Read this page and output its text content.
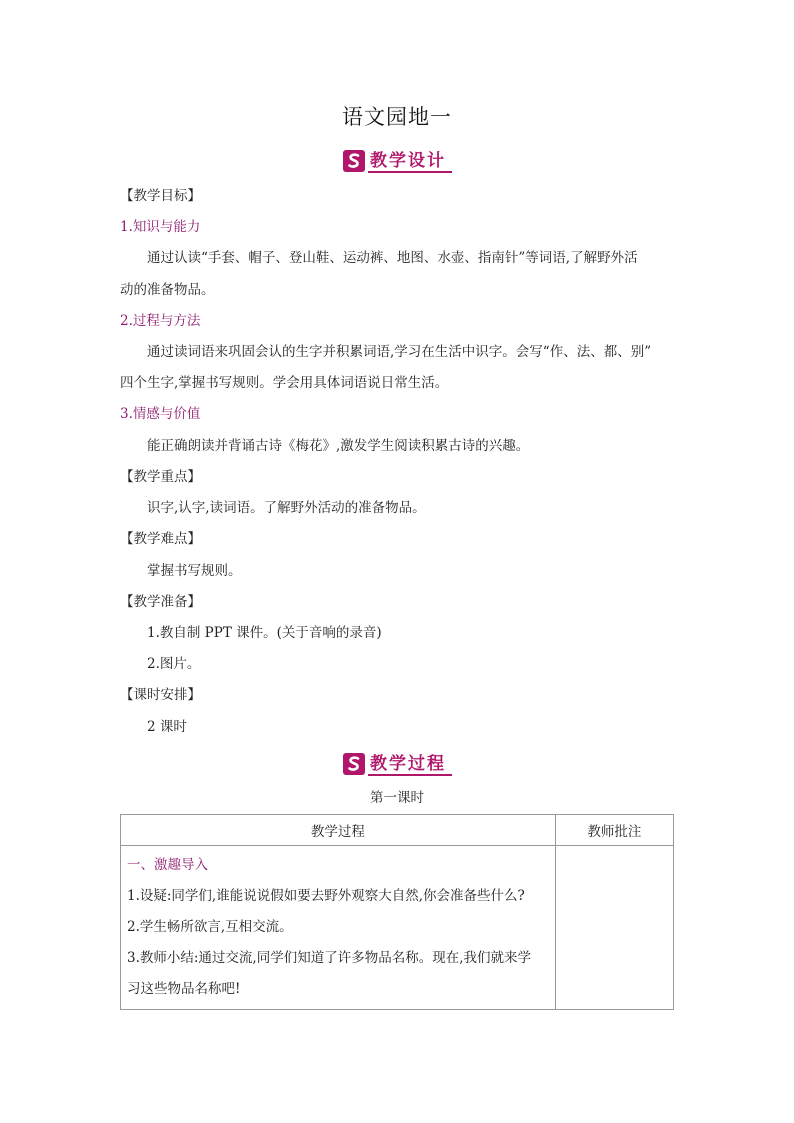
语文园地一
教学设计
【教学目标】
1.知识与能力
通过认读“手套、帽子、登山鞋、运动裤、地图、水壶、指南针”等词语,了解野外活
动的准备物品。
2.过程与方法
通过读词语来巩固会认的生字并积累词语,学习在生活中识字。会写“作、法、都、别”
四个生字,掌握书写规则。学会用具体词语说日常生活。
3.情感与价值
能正确朗读并背诵古诗《梅花》,激发学生阅读积累古诗的兴趣。
【教学重点】
识字,认字,读词语。了解野外活动的准备物品。
【教学难点】
掌握书写规则。
【教学准备】
1.教自制 PPT 课件。(关于音响的录音)
2.图片。
【课时安排】
2 课时
教学过程
第一课时
教学过程	教师批注

一、激趣导入
1.设疑:同学们,谁能说说假如要去野外观察大自然,你会准备些什么?
2.学生畅所欲言,互相交流。
3.教师小结:通过交流,同学们知道了许多物品名称。现在,我们就来学
习这些物品名称吧!	
